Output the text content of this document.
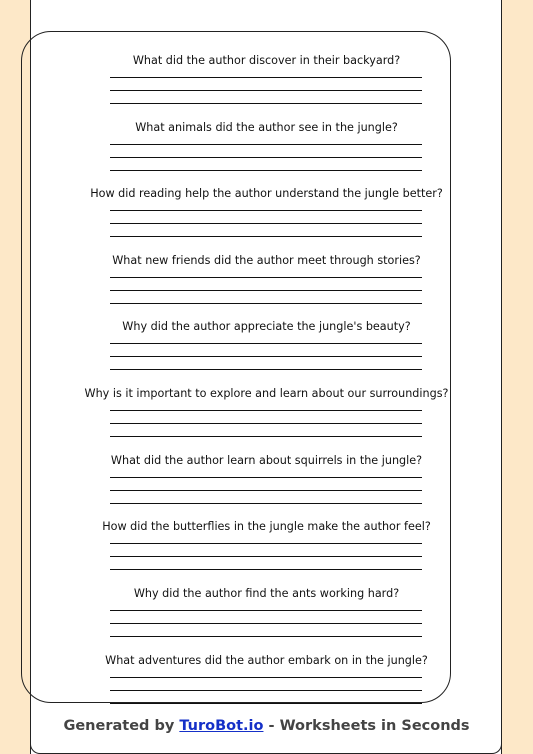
What did the author discover in their backyard?
What animals did the author see in the jungle?
How did reading help the author understand the jungle better?
What new friends did the author meet through stories?
Why did the author appreciate the jungle's beauty?
Why is it important to explore and learn about our surroundings?
What did the author learn about squirrels in the jungle?
How did the butterflies in the jungle make the author feel?
Why did the author find the ants working hard?
What adventures did the author embark on in the jungle?
Generated by TuroBot.io - Worksheets in Seconds
